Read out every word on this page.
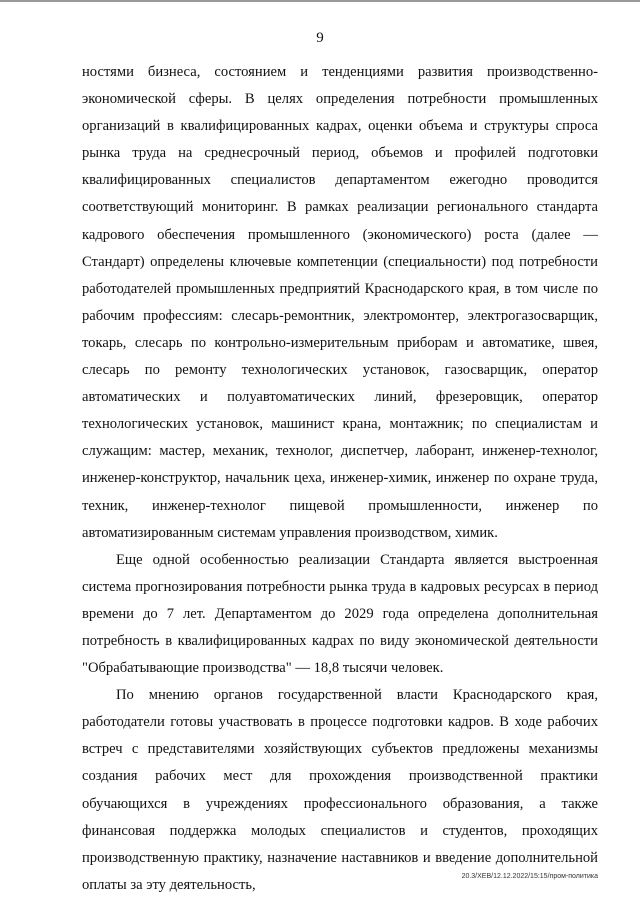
9

ностями бизнеса, состоянием и тенденциями развития производственно-экономической сферы. В целях определения потребности промышленных организаций в квалифицированных кадрах, оценки объема и структуры спроса рынка труда на среднесрочный период, объемов и профилей подготовки квалифицированных специалистов департаментом ежегодно проводится соответствующий мониторинг. В рамках реализации регионального стандарта кадрового обеспечения промышленного (экономического) роста (далее — Стандарт) определены ключевые компетенции (специальности) под потребности работодателей промышленных предприятий Краснодарского края, в том числе по рабочим профессиям: слесарь-ремонтник, электромонтер, электрогазосварщик, токарь, слесарь по контрольно-измерительным приборам и автоматике, швея, слесарь по ремонту технологических установок, газосварщик, оператор автоматических и полуавтоматических линий, фрезеровщик, оператор технологических установок, машинист крана, монтажник; по специалистам и служащим: мастер, механик, технолог, диспетчер, лаборант, инженер-технолог, инженер-конструктор, начальник цеха, инженер-химик, инженер по охране труда, техник, инженер-технолог пищевой промышленности, инженер по автоматизированным системам управления производством, химик.

Еще одной особенностью реализации Стандарта является выстроенная система прогнозирования потребности рынка труда в кадровых ресурсах в период времени до 7 лет. Департаментом до 2029 года определена дополнительная потребность в квалифицированных кадрах по виду экономической деятельности "Обрабатывающие производства" — 18,8 тысячи человек.

По мнению органов государственной власти Краснодарского края, работодатели готовы участвовать в процессе подготовки кадров. В ходе рабочих встреч с представителями хозяйствующих субъектов предложены механизмы создания рабочих мест для прохождения производственной практики обучающихся в учреждениях профессионального образования, а также финансовая поддержка молодых специалистов и студентов, проходящих производственную практику, назначение наставников и введение дополнительной оплаты за эту деятельность,

20.3/ХЕВ/12.12.2022/15:15/пром-политика
